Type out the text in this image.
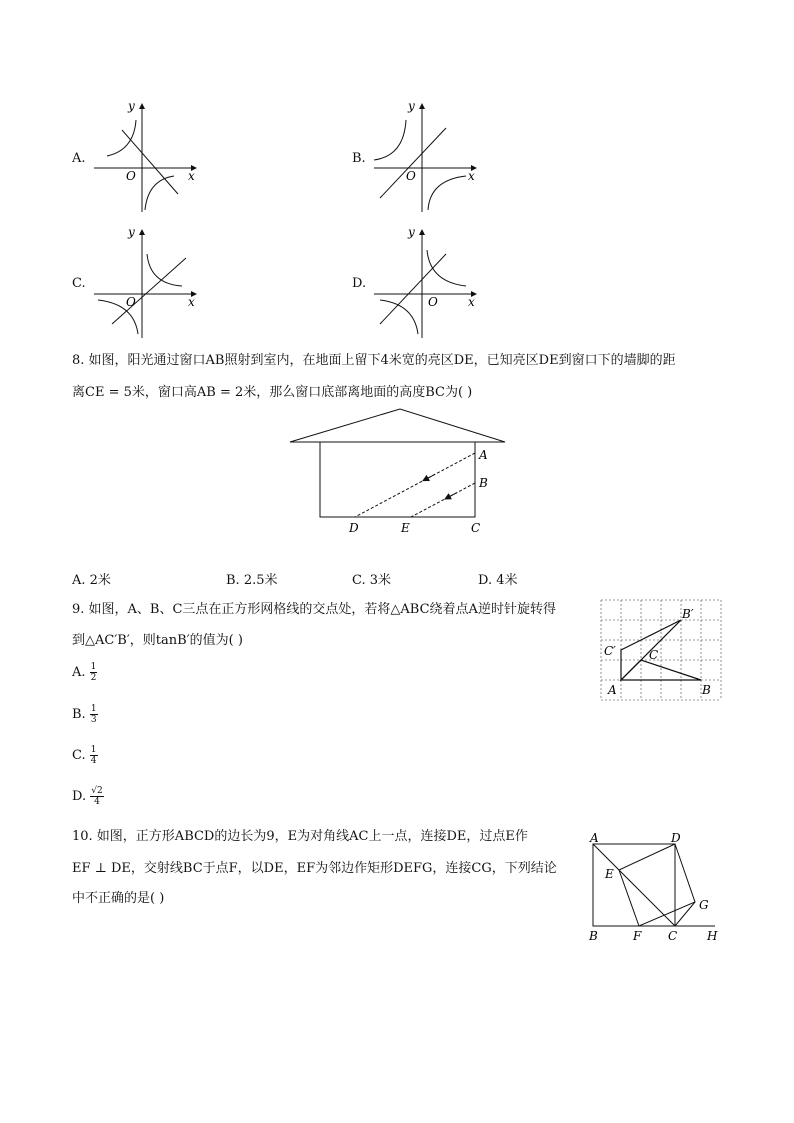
A.
y
O	x
B.
y
O	x
C.
y
O	x
D.
y
O	x
8. 如图，阳光通过窗口AB照射到室内，在地面上留下4米宽的亮区DE，已知亮区DE到窗口下的墙脚的距
离CE = 5米，窗口高AB = 2米，那么窗口底部离地面的高度BC为( )
A
B
C
D	E
A. 2米	B. 2.5米	C. 3米	D. 4米
9. 如图，A、B、C三点在正方形网格线的交点处，若将△ABC绕着点A逆时针旋转得
到△AC′B′，则tanB′的值为( )
A	B
C
C′
B′
A. $\frac{1}{2}$
B. $\frac{1}{3}$
C. $\frac{1}{4}$
D. $\frac{√2}{4}$
10. 如图，正方形ABCD的边长为9，E为对角线AC上一点，连接DE，过点E作
EF ⊥ DE，交射线BC于点F，以DE，EF为邻边作矩形DEFG，连接CG，下列结论
中不正确的是( )
A	D
B	F C H
E
G
